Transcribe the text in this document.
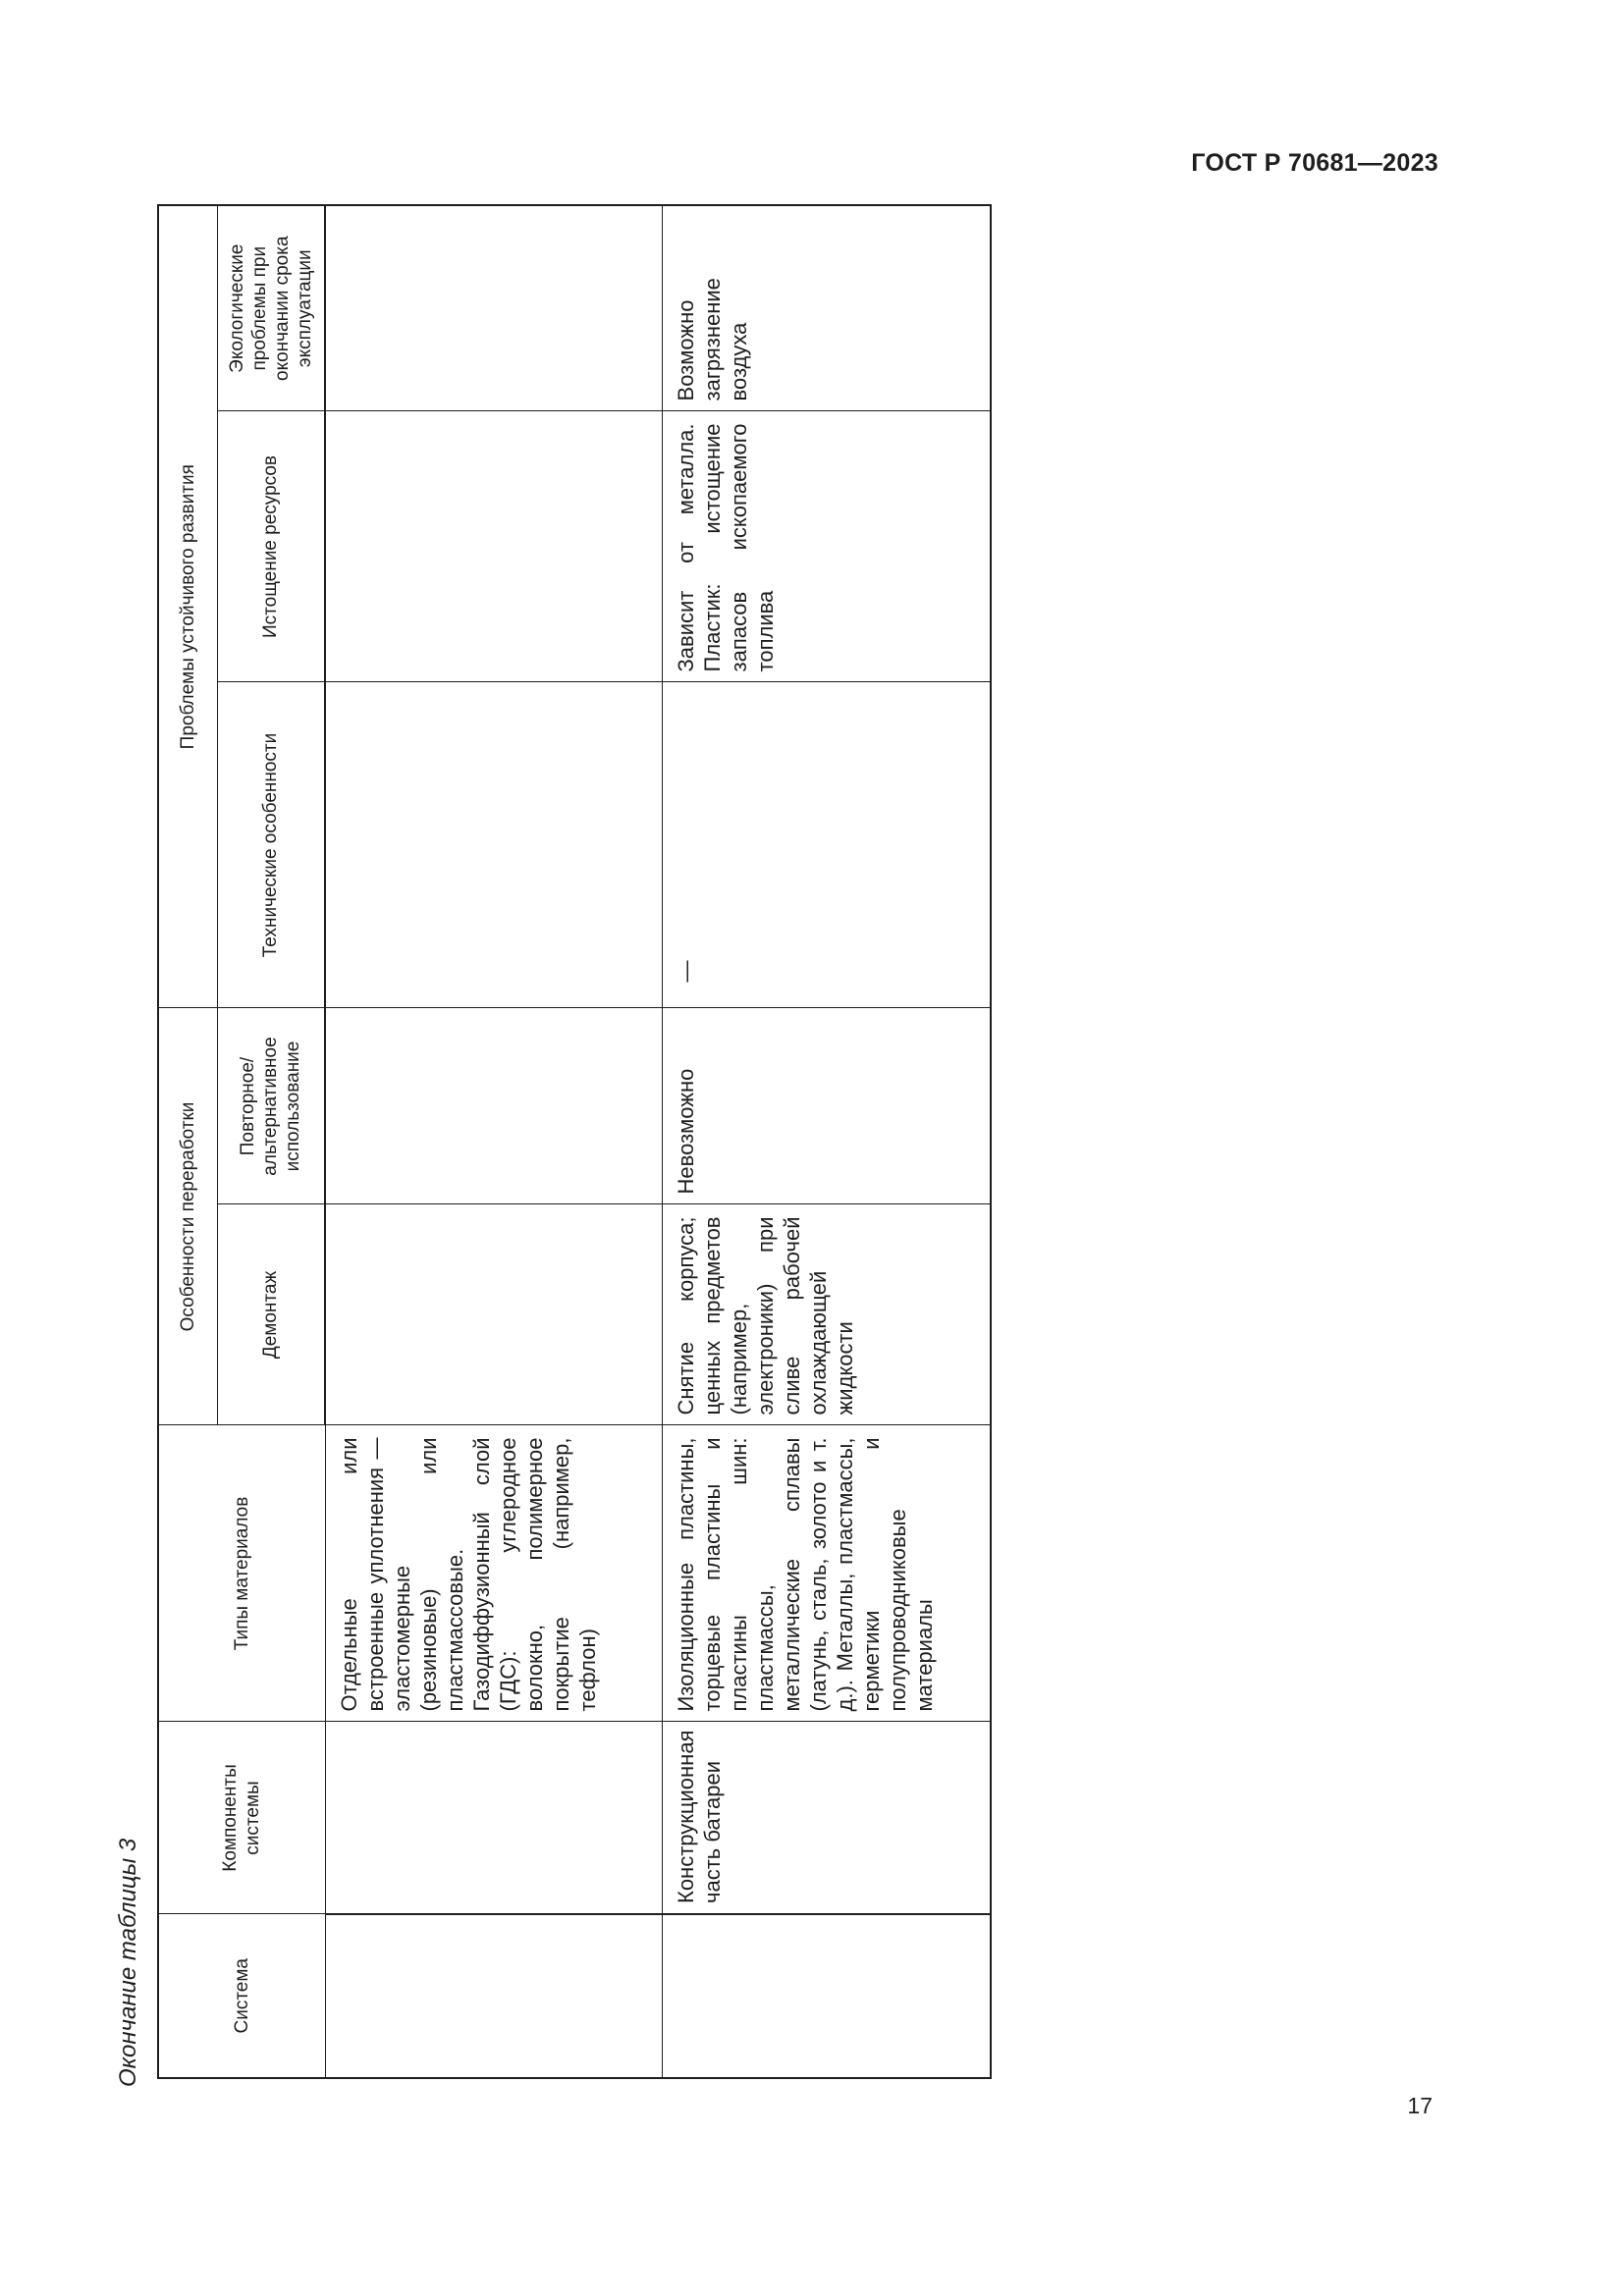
ГОСТ Р 70681—2023
Окончание таблицы 3	Система	Компоненты системы	Типы материалов	Особенности переработки		Проблемы устойчивого развития		
			Демонтаж	Повторное/ альтернативное использование	Технические особенности	Истощение ресурсов	Экологические проблемы при окончании срока эксплуатации
		Отдельные или встроенные уплотнения — эластомерные (резиновые) или пластмассовые. Газодиффузионный слой (ГДС): углеродное волокно, полимерное покрытие (например, тефлон)					
	Конструкционная часть батареи	Изоляционные пластины, торцевые пластины и пластины шин: пластмассы, металлические сплавы (латунь, сталь, золото и т. д.). Металлы, пластмассы, герметики и полупроводниковые материалы	Снятие корпуса; ценных предметов (например, электроники) при сливе рабочей охлаждающей жидкости	Невозможно	—	Зависит от металла. Пластик: истощение запасов ископаемого топлива	Возможно загрязнение воздуха
17
